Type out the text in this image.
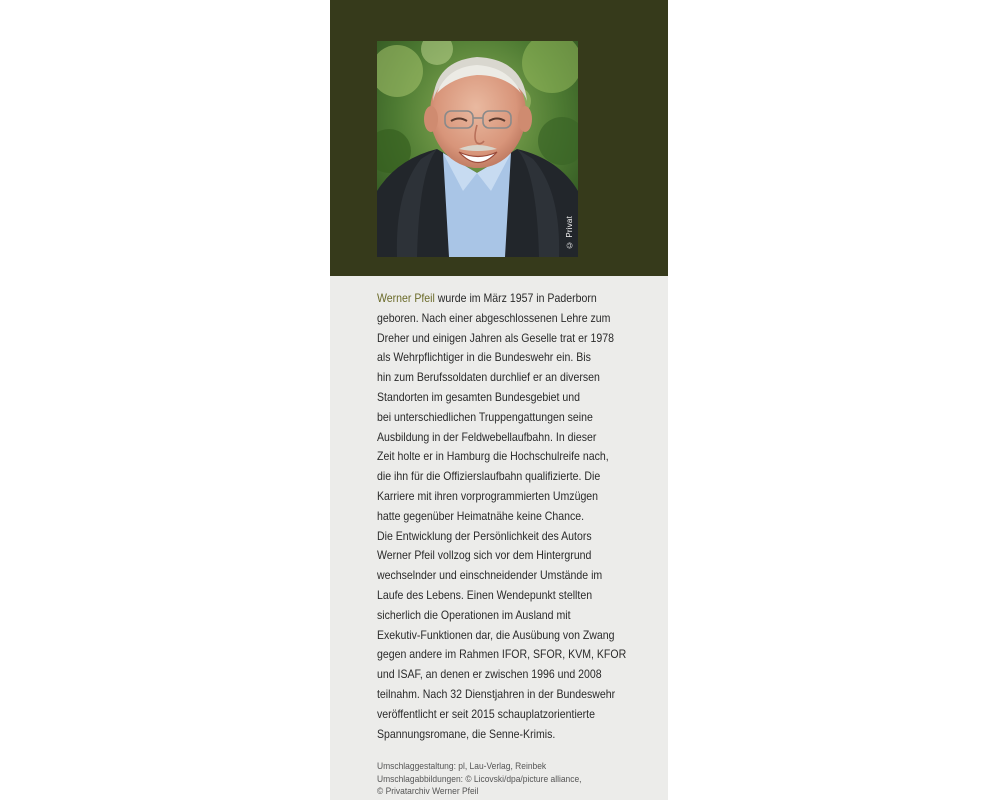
© Privat

Werner Pfeil wurde im März 1957 in Paderborn
geboren. Nach einer abgeschlossenen Lehre zum
Dreher und einigen Jahren als Geselle trat er 1978
als Wehrpflichtiger in die Bundeswehr ein. Bis
hin zum Berufssoldaten durchlief er an diversen
Standorten im gesamten Bundesgebiet und
bei unterschiedlichen Truppengattungen seine
Ausbildung in der Feldwebellaufbahn. In dieser
Zeit holte er in Hamburg die Hochschulreife nach,
die ihn für die Offizierslaufbahn qualifizierte. Die
Karriere mit ihren vorprogrammierten Umzügen
hatte gegenüber Heimatnähe keine Chance.
Die Entwicklung der Persönlichkeit des Autors
Werner Pfeil vollzog sich vor dem Hintergrund
wechselnder und einschneidender Umstände im
Laufe des Lebens. Einen Wendepunkt stellten
sicherlich die Operationen im Ausland mit
Exekutiv-Funktionen dar, die Ausübung von Zwang
gegen andere im Rahmen IFOR, SFOR, KVM, KFOR
und ISAF, an denen er zwischen 1996 und 2008
teilnahm. Nach 32 Dienstjahren in der Bundeswehr
veröffentlicht er seit 2015 schauplatzorientierte
Spannungsromane, die Senne-Krimis.

Umschlaggestaltung: pl, Lau-Verlag, Reinbek
Umschlagabbildungen: © Licovski/dpa/picture alliance,
© Privatarchiv Werner Pfeil
